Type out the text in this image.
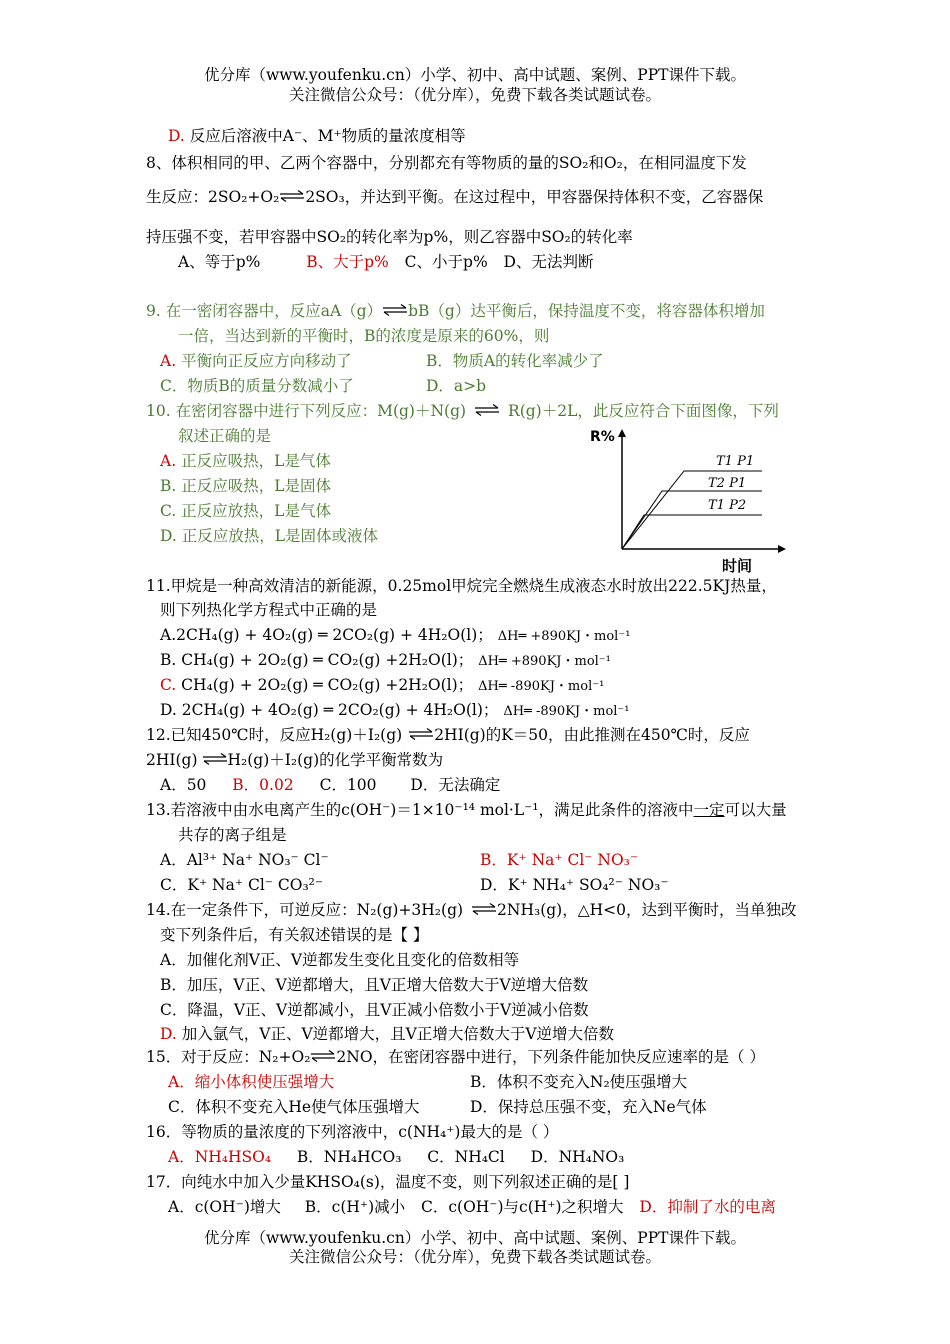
优分库（www.youfenku.cn）小学、初中、高中试题、案例、PPT课件下载。
关注微信公众号：（优分库），免费下载各类试题试卷。
D. 反应后溶液中A⁻、M⁺物质的量浓度相等
8、体积相同的甲、乙两个容器中，分别都充有等物质的量的SO₂和O₂，在相同温度下发
生反应：2SO₂+O₂⇌2SO₃，并达到平衡。在这过程中，甲容器保持体积不变，乙容器保
持压强不变，若甲容器中SO₂的转化率为p%，则乙容器中SO₂的转化率
A、等于p%	B、大于p% C、小于p% D、无法判断
9. 在一密闭容器中，反应aA（g）⇌bB（g）达平衡后，保持温度不变，将容器体积增加
一倍，当达到新的平衡时，B的浓度是原来的60%，则
A. 平衡向正反应方向移动了	B．物质A的转化率减少了
C．物质B的质量分数减小了	D．a>b
10. 在密闭容器中进行下列反应：M(g)＋N(g) ⇌ R(g)＋2L，此反应符合下面图像，下列
叙述正确的是
A. 正反应吸热，L是气体
B. 正反应吸热，L是固体
C. 正反应放热，L是气体
D. 正反应放热，L是固体或液体
R%
时间
T1 P1
T2 P1
T1 P2
11.甲烷是一种高效清洁的新能源，0.25mol甲烷完全燃烧生成液态水时放出222.5KJ热量，
则下列热化学方程式中正确的是
A.2CH₄(g) + 4O₂(g) ═ 2CO₂(g) + 4H₂O(l)； ΔH═ +890KJ・mol⁻¹
B. CH₄(g) + 2O₂(g) ═ CO₂(g) +2H₂O(l)； ΔH═ +890KJ・mol⁻¹
C. CH₄(g) + 2O₂(g) ═ CO₂(g) +2H₂O(l)； ΔH═ -890KJ・mol⁻¹
D. 2CH₄(g) + 4O₂(g) ═ 2CO₂(g) + 4H₂O(l)； ΔH═ -890KJ・mol⁻¹
12.已知450℃时，反应H₂(g)＋I₂(g) ⇌2HI(g)的K＝50，由此推测在450℃时，反应
2HI(g) ⇌H₂(g)＋I₂(g)的化学平衡常数为
A．50 B．0.02 C．100 D．无法确定
13.若溶液中由水电离产生的c(OH⁻)＝1×10⁻¹⁴ mol·L⁻¹，满足此条件的溶液中一定可以大量
共存的离子组是
A．Al³⁺ Na⁺ NO₃⁻ Cl⁻	B．K⁺ Na⁺ Cl⁻ NO₃⁻
C．K⁺ Na⁺ Cl⁻ CO₃²⁻	D．K⁺ NH₄⁺ SO₄²⁻ NO₃⁻
14.在一定条件下，可逆反应：N₂(g)+3H₂(g) ⇌2NH₃(g)，△H<0，达到平衡时，当单独改
变下列条件后，有关叙述错误的是【 】
A．加催化剂V正、V逆都发生变化且变化的倍数相等
B．加压，V正、V逆都增大，且V正增大倍数大于V逆增大倍数
C．降温，V正、V逆都减小，且V正减小倍数小于V逆减小倍数
D. 加入氩气，V正、V逆都增大，且V正增大倍数大于V逆增大倍数
15．对于反应：N₂+O₂⇌2NO，在密闭容器中进行，下列条件能加快反应速率的是（ ）
A．缩小体积使压强增大	B．体积不变充入N₂使压强增大
C．体积不变充入He使气体压强增大	D．保持总压强不变，充入Ne气体
16．等物质的量浓度的下列溶液中，c(NH₄⁺)最大的是（ ）
A．NH₄HSO₄ B．NH₄HCO₃ C．NH₄Cl D．NH₄NO₃
17．向纯水中加入少量KHSO₄(s)，温度不变，则下列叙述正确的是[ ]
A．c(OH⁻)增大 B．c(H⁺)减小 C．c(OH⁻)与c(H⁺)之积增大 D．抑制了水的电离
优分库（www.youfenku.cn）小学、初中、高中试题、案例、PPT课件下载。
关注微信公众号：（优分库），免费下载各类试题试卷。
